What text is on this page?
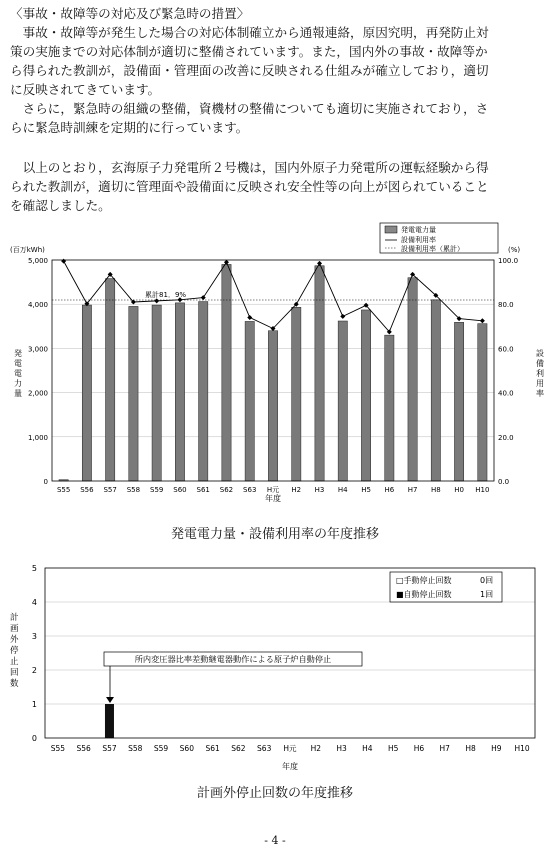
〈事故・故障等の対応及び緊急時の措置〉
　事故・故障等が発生した場合の対応体制確立から通報連絡，原因究明，再発防止対
策の実施までの対応体制が適切に整備されています。また，国内外の事故・故障等か
ら得られた教訓が，設備面・管理面の改善に反映される仕組みが確立しており，適切
に反映されてきています。
　さらに，緊急時の組織の整備，資機材の整備についても適切に実施されており，さ
らに緊急時訓練を定期的に行っています。
　以上のとおり，玄海原子力発電所２号機は，国内外原子力発電所の運転経験から得
られた教訓が，適切に管理面や設備面に反映され安全性等の向上が図られていること
を確認しました。
発電電力量
設備利用率
設備利用率（累計）
(百万kWh)	(%)
累計81．9%
S55 S56 S57 S58 S59 S60 S61 S62 S63 H元 H2 H3 H4 H5 H6 H7 H8 H0 H10
0
1,000
2,000
3,000
4,000
5,000
0.0
20.0
40.0
60.0
80.0
100.0
発電電力量
設備利用率
年度
発電電力量・設備利用率の年度推移
S55 S56 S57 S58 S59 S60 S61 S62 S63 H元 H2 H3 H4 H5 H6 H7 H8 H9 H10
0
1
2
3
4
5
□手動停止回数	0回
■自動停止回数	1回
所内変圧器比率差動継電器動作による原子炉自動停止
計画外停止回数
年度
計画外停止回数の年度推移
- 4 -
